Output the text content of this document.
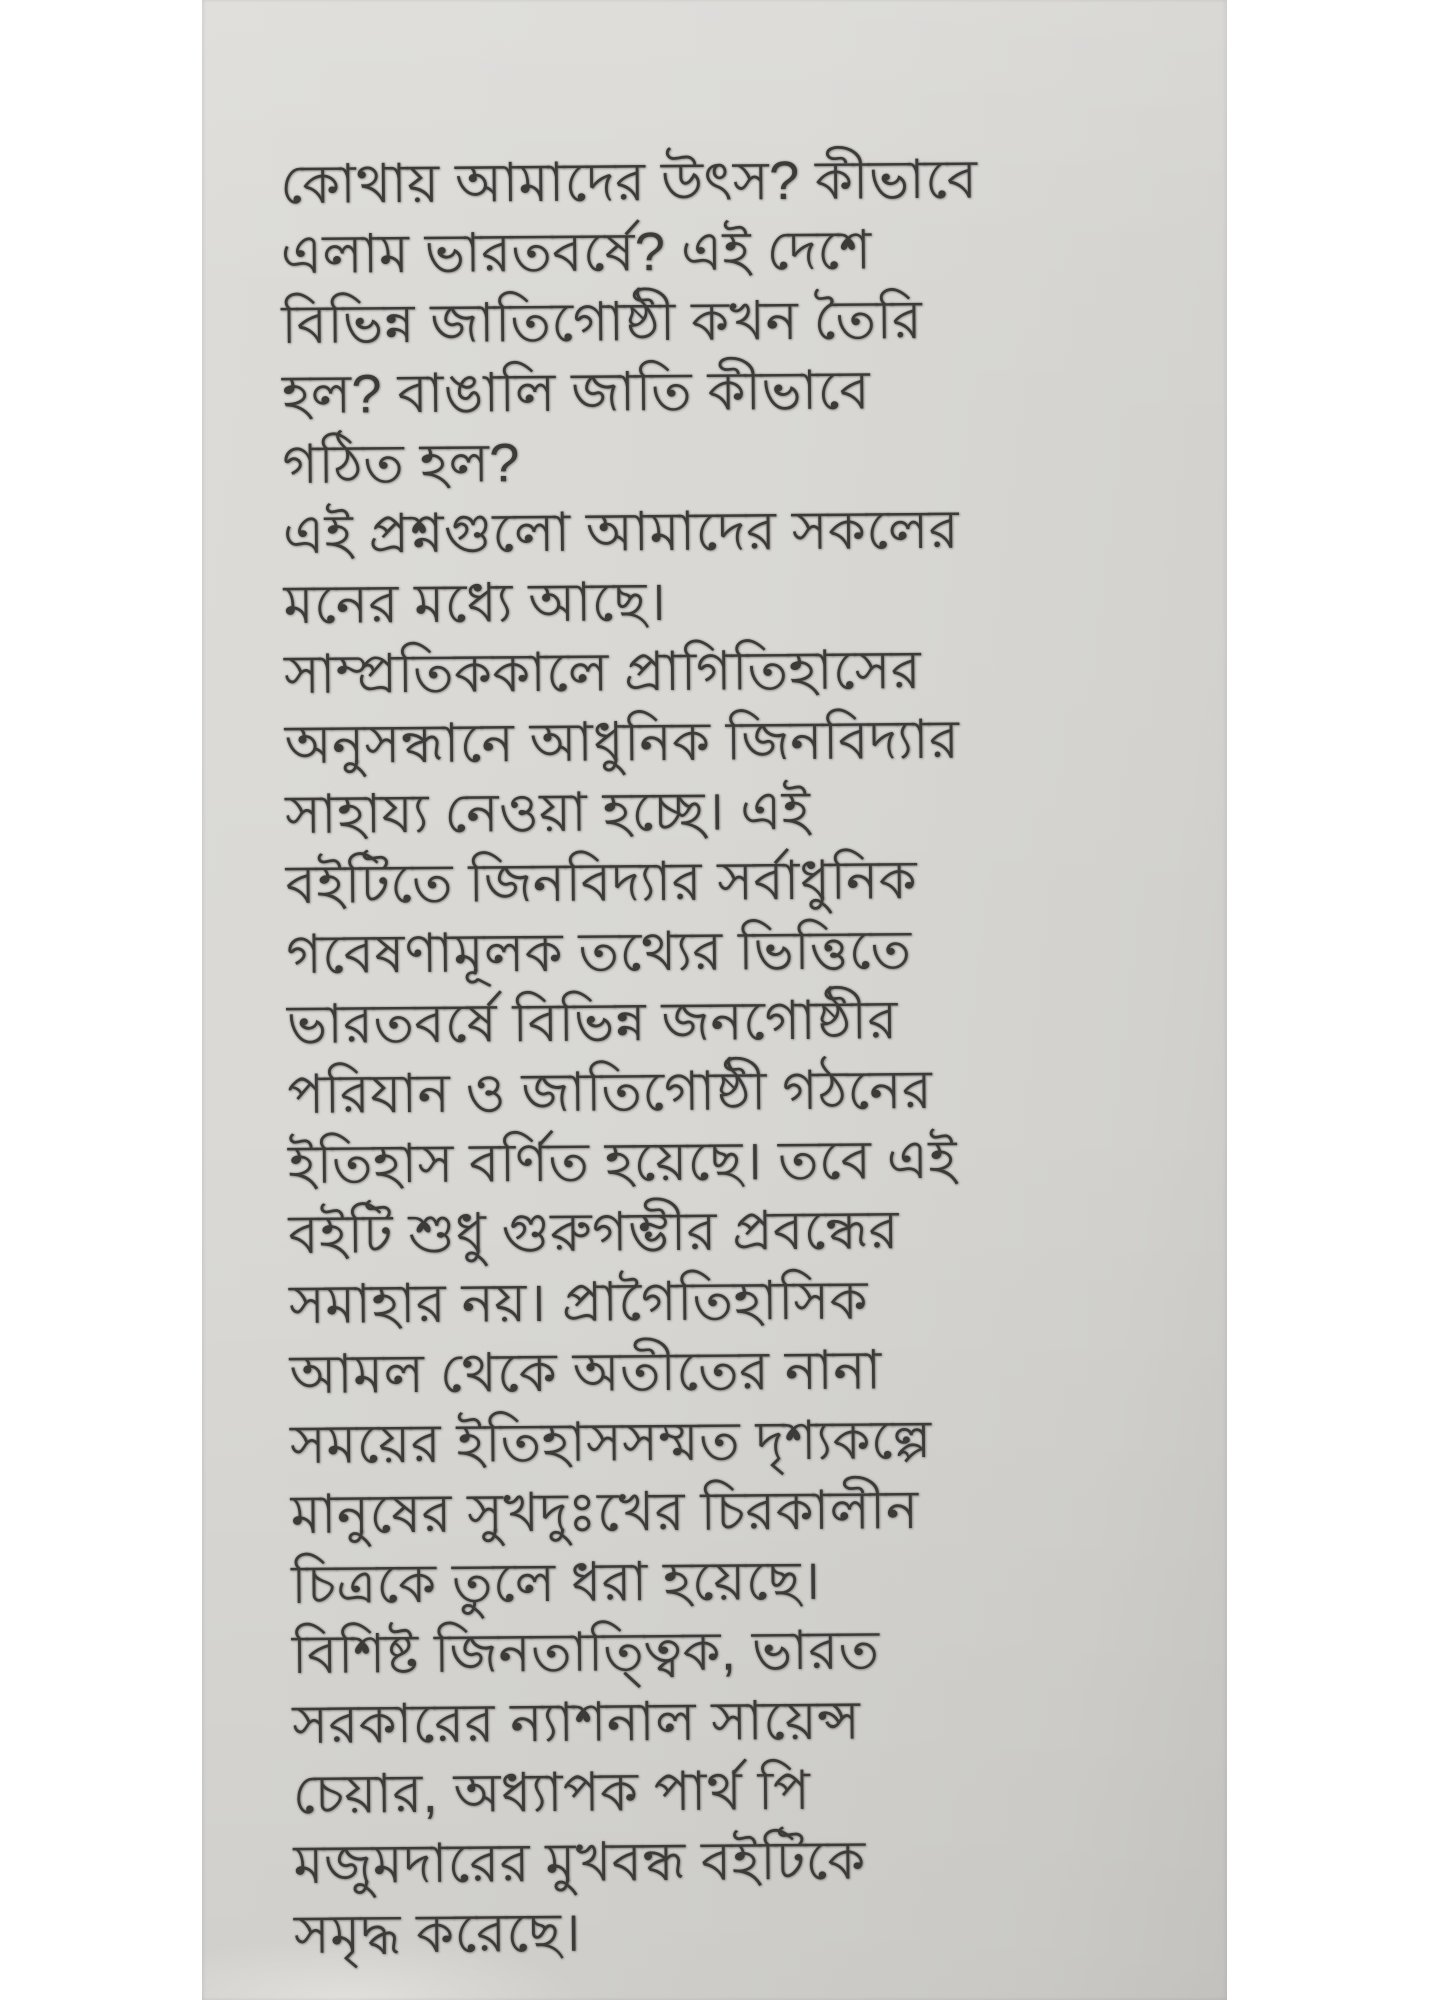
কোথায় আমাদের উৎস? কীভাবে
এলাম ভারতবর্ষে? এই দেশে
বিভিন্ন জাতিগোষ্ঠী কখন তৈরি
হল? বাঙালি জাতি কীভাবে
গঠিত হল?
এই প্রশ্নগুলো আমাদের সকলের
মনের মধ্যে আছে।
সাম্প্রতিককালে প্রাগিতিহাসের
অনুসন্ধানে আধুনিক জিনবিদ্যার
সাহায্য নেওয়া হচ্ছে। এই
বইটিতে জিনবিদ্যার সর্বাধুনিক
গবেষণামূলক তথ্যের ভিত্তিতে
ভারতবর্ষে বিভিন্ন জনগোষ্ঠীর
পরিযান ও জাতিগোষ্ঠী গঠনের
ইতিহাস বর্ণিত হয়েছে। তবে এই
বইটি শুধু গুরুগম্ভীর প্রবন্ধের
সমাহার নয়। প্রাগৈতিহাসিক
আমল থেকে অতীতের নানা
সময়ের ইতিহাসসম্মত দৃশ্যকল্পে
মানুষের সুখদুঃখের চিরকালীন
চিত্রকে তুলে ধরা হয়েছে।
বিশিষ্ট জিনতাত্ত্বিক, ভারত
সরকারের ন্যাশনাল সায়েন্স
চেয়ার, অধ্যাপক পার্থ পি
মজুমদারের মুখবন্ধ বইটিকে
সমৃদ্ধ করেছে।
